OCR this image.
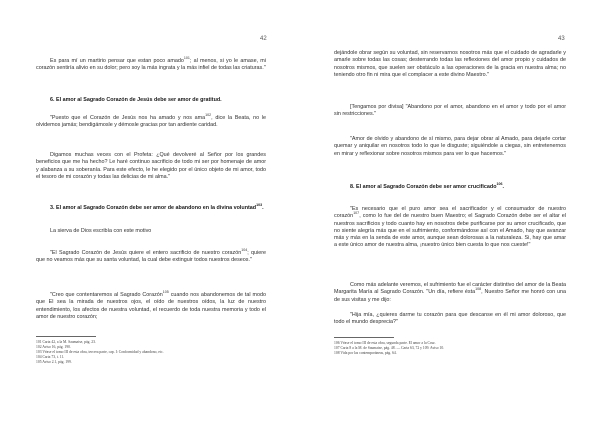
42

Es para mí un martirio pensar que estan poco amado$^{101}$; al menos, si yo le amase, mi corazón sentiría alivio en su dolor; pero soy la más ingrata y la más infiel de todas las criaturas."

6. El amor al Sagrado Corazón de Jesús debe ser amor de gratitud.

"Puesto que el Corazón de Jesús nos ha amado y nos ama$^{102}$, dice la Beata, no le olvidemos jamás; bendigámosle y démosle gracias por tan ardiente caridad.

Digamos muchas veces con el Profeta: ¿Qué devolveré al Señor por los grandes beneficios que me ha hecho? Le haré continuo sacrificio de todo mi ser por homenaje de amor y alabanza a su soberanía. Para este efecto, le he elegido por el único objeto de mi amor, todo el tesoro de mi corazón y todas las delicias de mi alma."

3. El amor al Sagrado Corazón debe ser amor de abandono en la divina voluntad$^{103}$.

La sierva de Dios escribía con este motivo

"El Sagrado Corazón de Jesús quiere el entero sacrificio de nuestro corazón$^{104}$; quiere que no veamos más que su santa voluntad, la cual debe extinguir todos nuestros deseos."

"Creo que contentaremos al Sagrado Corazón$^{105}$ cuando nos abandonemos de tal modo que El sea la mirada de nuestros ojos, el oído de nuestros oídos, la luz de nuestro entendimiento, los afectos de nuestra voluntad, el recuerdo de toda nuestra memoria y todo el amor de nuestro corazón;

101 Carta 42, a la M. Saumaise, pág. 23.

102 Aviso 16, pág. 190.

103 Véase el tomo III de esta obra, tercera parte, cap. I: Conformidad y abandono, etc.

104 Carta 73, t. 11.

105 Aviso 2.1, pág. 199.

43

dejándole obrar según su voluntad, sin reservarnos nosotros más que el cuidado de agradarle y amarle sobre todas las cosas; desterrando todas las reflexiones del amor propio y cuidados de nosotros mismos, que suelen ser obstáculo a las operaciones de la gracia en nuestra alma; no teniendo otro fin ni mira que el complacer a este divino Maestro."

[Tengamos por divisa] "Abandono por el amor, abandono en el amor y todo por el amor sin restricciones."

"Amor de olvido y abandono de sí mismo, para dejar obrar al Amado, para dejarle cortar quemar y aniquilar en nosotros todo lo que le disguste; siguiéndole a ciegas, sin entretenernos en mirar y reflexionar sobre nosotros mismos para ver lo que hacemos."

8. El amor al Sagrado Corazón debe ser amor crucificado$^{106}$.

"Es necesario que el puro amor sea el sacrificador y el consumador de nuestro corazón$^{107}$, como lo fue del de nuestro buen Maestro; el Sagrado Corazón debe ser el altar el nuestros sacrificios y todo cuanto hay en nosotros debe purificarse por su amor crucificado, que no siente alegría más que en el sufrimiento, conformándose así con el Amado, hay que avanzar más y más en la senda de este amor, aunque sean dolorosas a la naturaleza. Si, hay que amar a este único amor de nuestra alma, ¡nuestro único bien cuesta lo que nos cueste!"

Como más adelante veremos, el sufrimiento fue el carácter distintivo del amor de la Beata Margarita María al Sagrado Corazón. "Un día, refiere ésta$^{108}$, Nuestro Señor me honró con una de sus visitas y me dijo:

"Hija mía, ¿quieres darme tu corazón para que descanse en él mi amor doloroso, que todo el mundo desprecia?"

106 Véase el tomo III de esta obra, segunda parte. El amor a la Cruz.

107 Carta 8 a la M. de Saumaise, pág. 48. — Carta 63, 72 y 109. Aviso 10.

108 Vida por las contemporáneas, pág. 64.
